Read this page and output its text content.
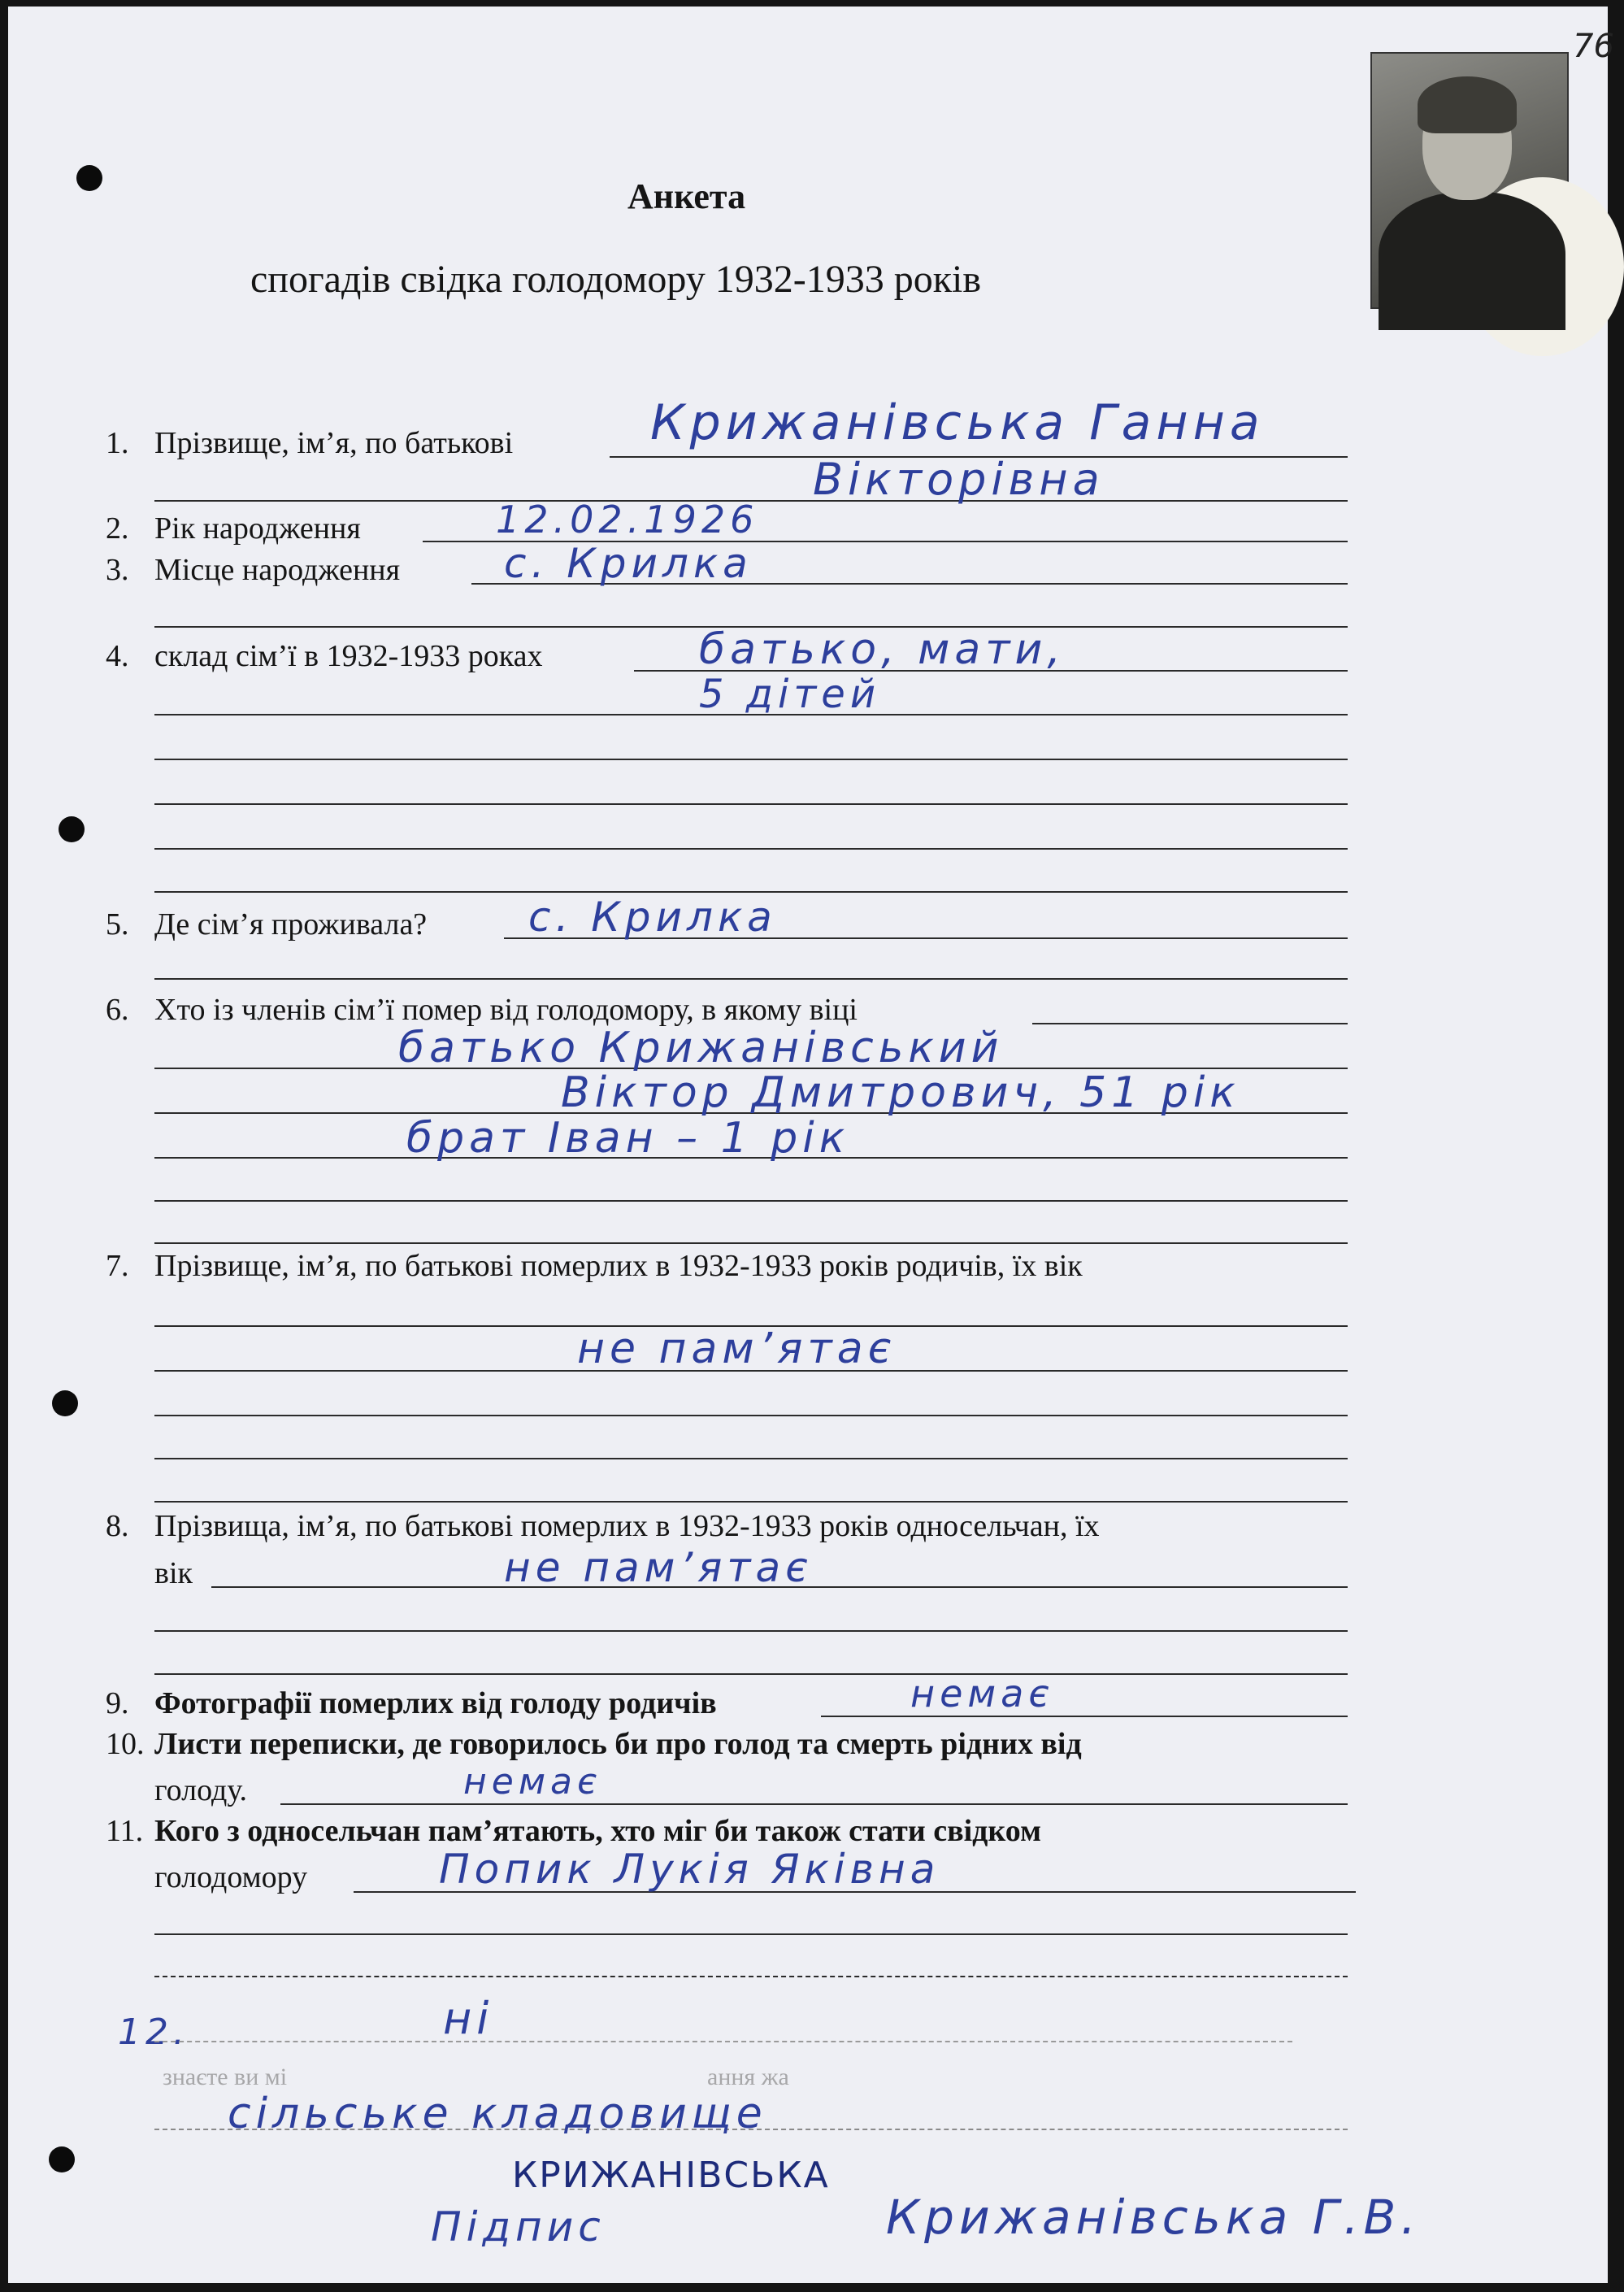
76
Анкета
спогадів свідка голодомору 1932-1933 років
1. Прізвище, ім’я, по батькові	Крижанівська Ганна
Вікторівна
2. Рік народження	12.02.1926
3. Місце народження	с. Крилка
4. склад сім’ї в 1932-1933 роках	батько, мати,
5 дітей
5. Де сім’я проживала? с. Крилка
6. Хто із членів сім’ї помер від голодомору, в якому віці
батько Крижанівський
Віктор Дмитрович, 51 рік
брат Іван – 1 рік
7. Прізвище, ім’я, по батькові померлих в 1932-1933 років родичів, їх вік
не пам’ятає
8. Прізвища, ім’я, по батькові померлих в 1932-1933 років односельчан, їх
вік	не пам’ятає
9. Фотографії померлих від голоду родичів	немає
10. Листи переписки, де говорилось би про голод та смерть рідних від
голоду.	немає
11. Кого з односельчан пам’ятають, хто міг би також стати свідком
голодомору	Попик Лукія Яківна
12.	ні
знаєте ви мі	ання жа
сільське кладовище
КРИЖАНІВСЬКА
Підпис	Крижанівська Г.В.
